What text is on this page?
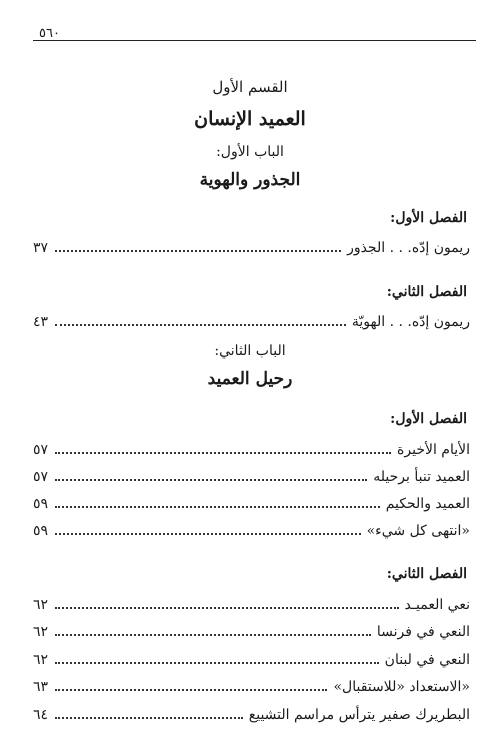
٥٦٠
القسم الأول
العميد الإنسان
الباب الأول:
الجذور والهوية
الفصل الأول:
ريمون إدّه. . . الجذور
٣٧
الفصل الثاني:
ريمون إدّه. . . الهويّة
٤٣
الباب الثاني:
رحيل العميد
الفصل الأول:
الأيام الأخيرة
٥٧
العميد تنبأ برحيله
٥٧
العميد والحكيم
٥٩
«انتهى كل شيء»
٥٩
الفصل الثاني:
نعي العميـد
٦٢
النعي في فرنسا
٦٢
النعي في لبنان
٦٢
«الاستعداد «للاستقبال»
٦٣
البطريرك صفير يترأس مراسم التشييع
٦٤
